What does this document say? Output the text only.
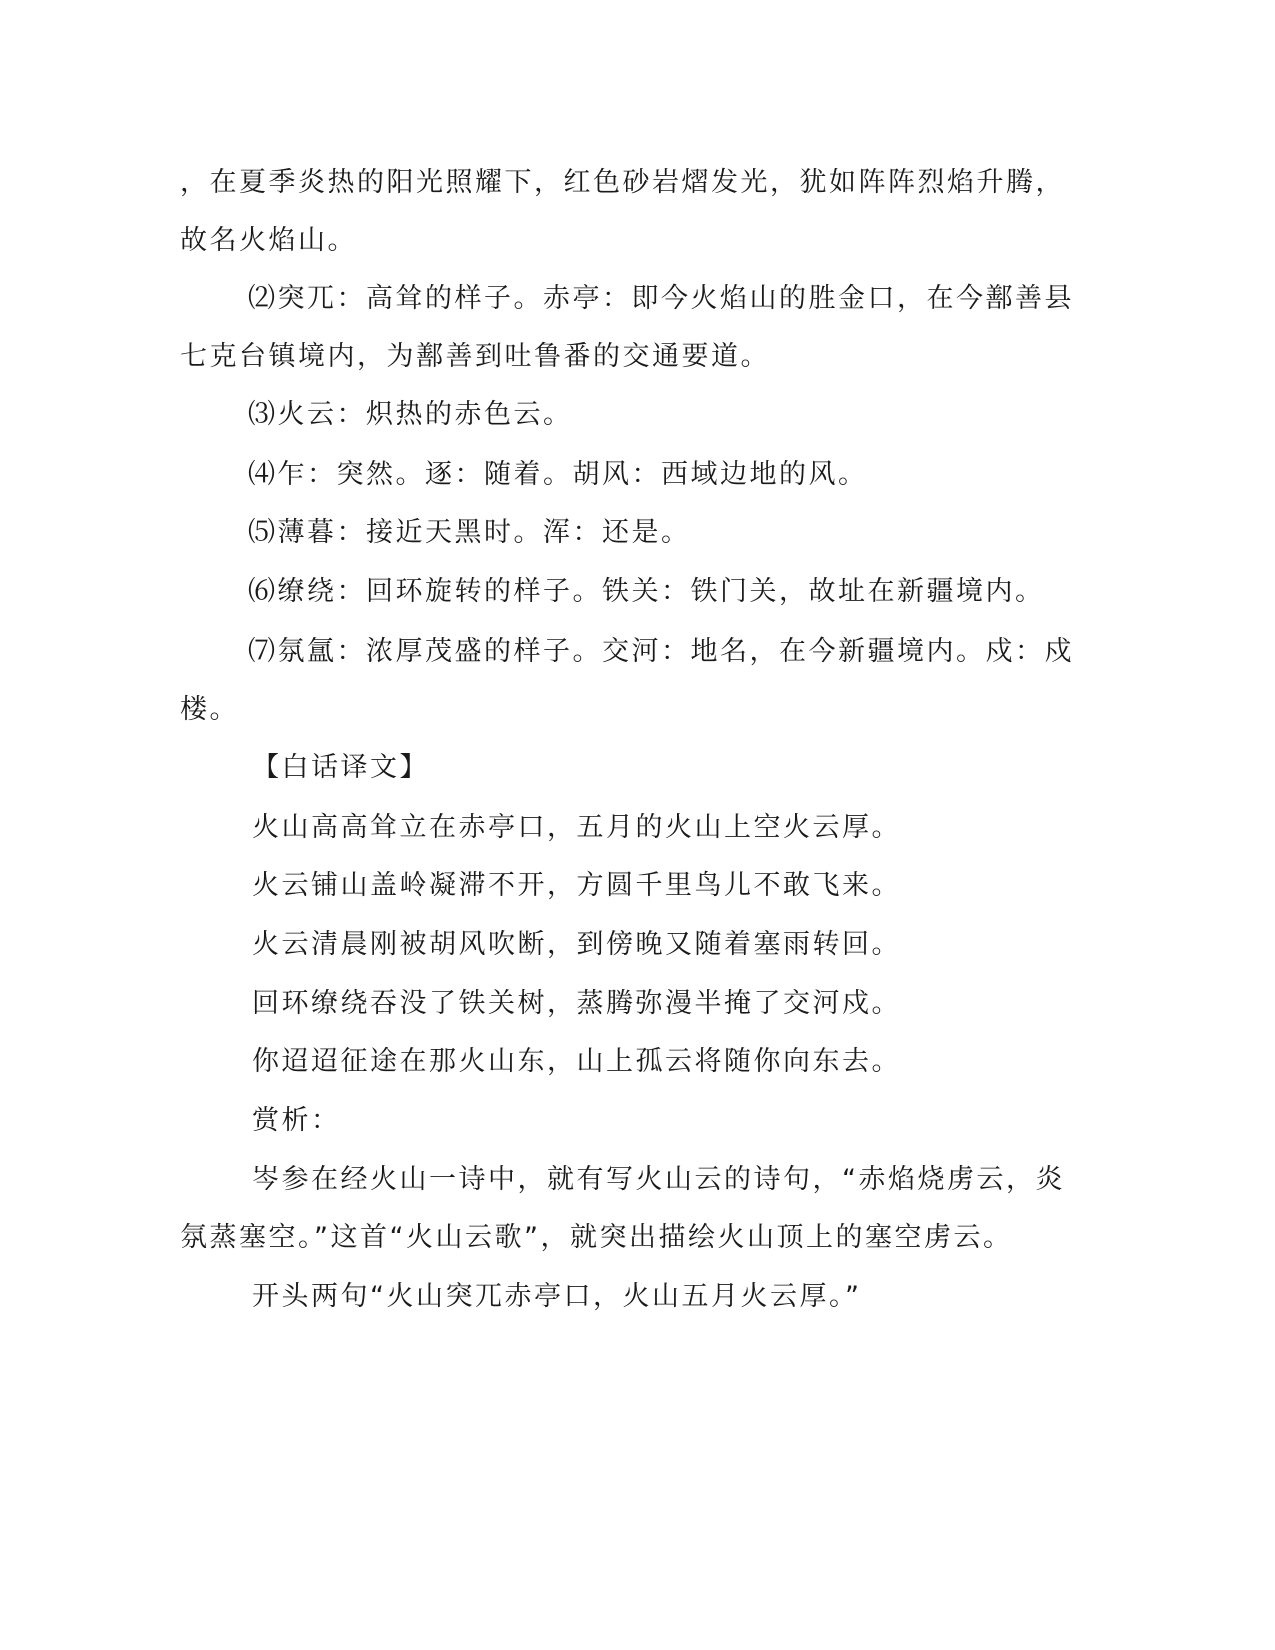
，在夏季炎热的阳光照耀下，红色砂岩熠发光，犹如阵阵烈焰升腾，
故名火焰山。
⑵突兀：高耸的样子。赤亭：即今火焰山的胜金口，在今鄯善县
七克台镇境内，为鄯善到吐鲁番的交通要道。
⑶火云：炽热的赤色云。
⑷乍：突然。逐：随着。胡风：西域边地的风。
⑸薄暮：接近天黑时。浑：还是。
⑹缭绕：回环旋转的样子。铁关：铁门关，故址在新疆境内。
⑺氛氲：浓厚茂盛的样子。交河：地名，在今新疆境内。戍：戍
楼。
【白话译文】
火山高高耸立在赤亭口，五月的火山上空火云厚。
火云铺山盖岭凝滞不开，方圆千里鸟儿不敢飞来。
火云清晨刚被胡风吹断，到傍晚又随着塞雨转回。
回环缭绕吞没了铁关树，蒸腾弥漫半掩了交河戍。
你迢迢征途在那火山东，山上孤云将随你向东去。
赏析：
岑参在经火山一诗中，就有写火山云的诗句，“赤焰烧虏云，炎
氛蒸塞空。”这首“火山云歌”，就突出描绘火山顶上的塞空虏云。
开头两句“火山突兀赤亭口，火山五月火云厚。”
